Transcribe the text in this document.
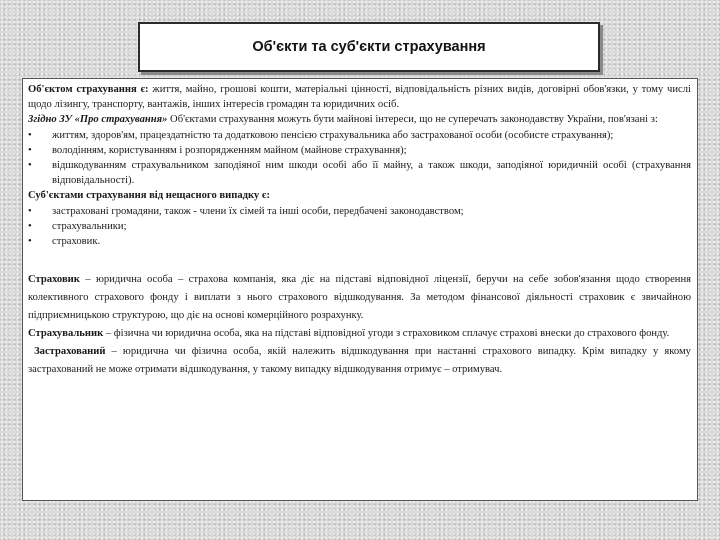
Об'єкти та суб'єкти страхування

Об'єктом страхування є: життя, майно, грошові кошти, матеріальні цінності, відповідальність різних видів, договірні обов'язки, у тому числі щодо лізингу, транспорту, вантажів, інших інтересів громадян та юридичних осіб.

Згідно ЗУ «Про страхування» Об'єктами страхування можуть бути майнові інтереси, що не суперечать законодавству України, пов'язані з:

• життям, здоров'ям, працездатністю та додатковою пенсією страхувальника або застрахованої особи (особисте страхування);
• володінням, користуванням і розпорядженням майном (майнове страхування);
• відшкодуванням страхувальником заподіяної ним шкоди особі або її майну, а також шкоди, заподіяної юридичній особі (страхування відповідальності).

Суб'єктами страхування від нещасного випадку є:

• застраховані громадяни, також - члени їх сімей та інші особи, передбачені законодавством;
• страхувальники;
• страховик.

Страховик – юридична особа – страхова компанія, яка діє на підставі відповідної ліцензії, беручи на себе зобов'язання щодо створення колективного страхового фонду і виплати з нього страхового відшкодування. За методом фінансової діяльності страховик є звичайною підприємницькою структурою, що діє на основі комерційного розрахунку.

Страхувальник – фізична чи юридична особа, яка на підставі відповідної угоди з страховиком сплачує страхові внески до страхового фонду.

Застрахований – юридична чи фізична особа, якій належить відшкодування при настанні страхового випадку. Крім випадку у якому застрахований не може отримати відшкодування, у такому випадку відшкодування отримує – отримувач.
